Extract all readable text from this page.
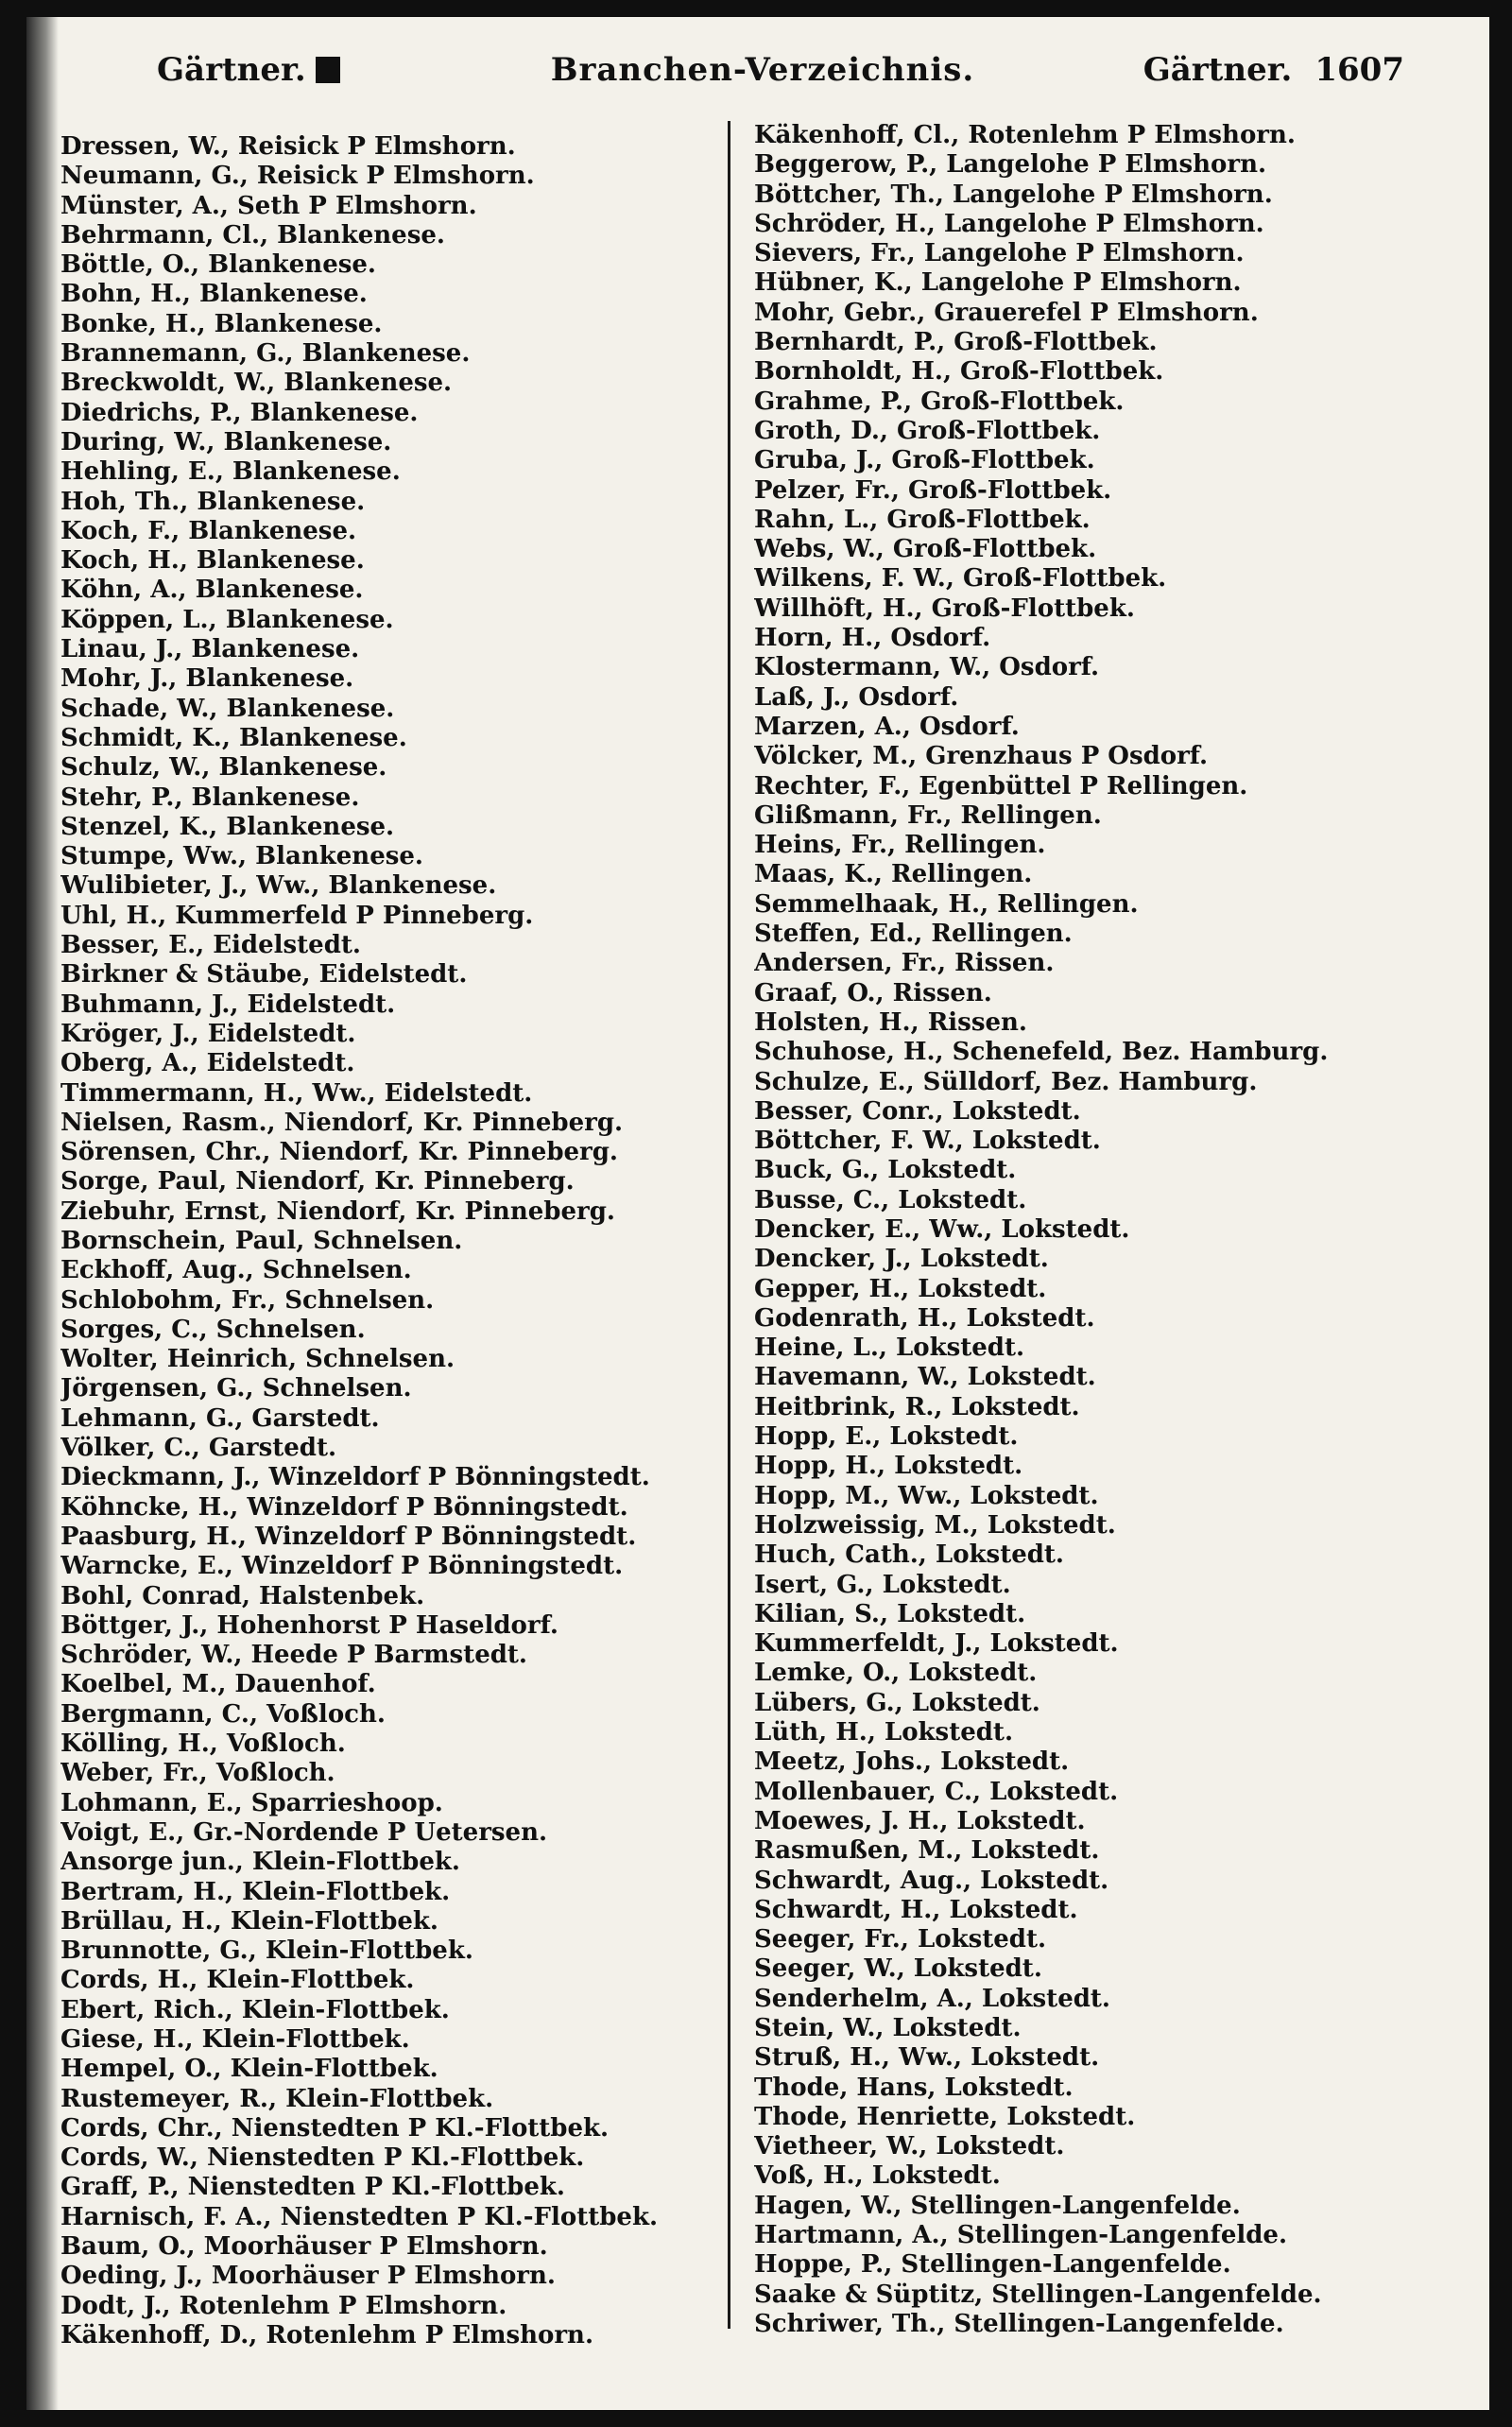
Gärtner.	Branchen-Verzeichnis.	Gärtner. 1607
Dressen, W., Reisick P Elmshorn.
Neumann, G., Reisick P Elmshorn.
Münster, A., Seth P Elmshorn.
Behrmann, Cl., Blankenese.
Böttle, O., Blankenese.
Bohn, H., Blankenese.
Bonke, H., Blankenese.
Brannemann, G., Blankenese.
Breckwoldt, W., Blankenese.
Diedrichs, P., Blankenese.
During, W., Blankenese.
Hehling, E., Blankenese.
Hoh, Th., Blankenese.
Koch, F., Blankenese.
Koch, H., Blankenese.
Köhn, A., Blankenese.
Köppen, L., Blankenese.
Linau, J., Blankenese.
Mohr, J., Blankenese.
Schade, W., Blankenese.
Schmidt, K., Blankenese.
Schulz, W., Blankenese.
Stehr, P., Blankenese.
Stenzel, K., Blankenese.
Stumpe, Ww., Blankenese.
Wulibieter, J., Ww., Blankenese.
Uhl, H., Kummerfeld P Pinneberg.
Besser, E., Eidelstedt.
Birkner & Stäube, Eidelstedt.
Buhmann, J., Eidelstedt.
Kröger, J., Eidelstedt.
Oberg, A., Eidelstedt.
Timmermann, H., Ww., Eidelstedt.
Nielsen, Rasm., Niendorf, Kr. Pinneberg.
Sörensen, Chr., Niendorf, Kr. Pinneberg.
Sorge, Paul, Niendorf, Kr. Pinneberg.
Ziebuhr, Ernst, Niendorf, Kr. Pinneberg.
Bornschein, Paul, Schnelsen.
Eckhoff, Aug., Schnelsen.
Schlobohm, Fr., Schnelsen.
Sorges, C., Schnelsen.
Wolter, Heinrich, Schnelsen.
Jörgensen, G., Schnelsen.
Lehmann, G., Garstedt.
Völker, C., Garstedt.
Dieckmann, J., Winzeldorf P Bönningstedt.
Köhncke, H., Winzeldorf P Bönningstedt.
Paasburg, H., Winzeldorf P Bönningstedt.
Warncke, E., Winzeldorf P Bönningstedt.
Bohl, Conrad, Halstenbek.
Böttger, J., Hohenhorst P Haseldorf.
Schröder, W., Heede P Barmstedt.
Koelbel, M., Dauenhof.
Bergmann, C., Voßloch.
Kölling, H., Voßloch.
Weber, Fr., Voßloch.
Lohmann, E., Sparrieshoop.
Voigt, E., Gr.-Nordende P Uetersen.
Ansorge jun., Klein-Flottbek.
Bertram, H., Klein-Flottbek.
Brüllau, H., Klein-Flottbek.
Brunnotte, G., Klein-Flottbek.
Cords, H., Klein-Flottbek.
Ebert, Rich., Klein-Flottbek.
Giese, H., Klein-Flottbek.
Hempel, O., Klein-Flottbek.
Rustemeyer, R., Klein-Flottbek.
Cords, Chr., Nienstedten P Kl.-Flottbek.
Cords, W., Nienstedten P Kl.-Flottbek.
Graff, P., Nienstedten P Kl.-Flottbek.
Harnisch, F. A., Nienstedten P Kl.-Flottbek.
Baum, O., Moorhäuser P Elmshorn.
Oeding, J., Moorhäuser P Elmshorn.
Dodt, J., Rotenlehm P Elmshorn.
Käkenhoff, D., Rotenlehm P Elmshorn.
Käkenhoff, Cl., Rotenlehm P Elmshorn.
Beggerow, P., Langelohe P Elmshorn.
Böttcher, Th., Langelohe P Elmshorn.
Schröder, H., Langelohe P Elmshorn.
Sievers, Fr., Langelohe P Elmshorn.
Hübner, K., Langelohe P Elmshorn.
Mohr, Gebr., Grauerefel P Elmshorn.
Bernhardt, P., Groß-Flottbek.
Bornholdt, H., Groß-Flottbek.
Grahme, P., Groß-Flottbek.
Groth, D., Groß-Flottbek.
Gruba, J., Groß-Flottbek.
Pelzer, Fr., Groß-Flottbek.
Rahn, L., Groß-Flottbek.
Webs, W., Groß-Flottbek.
Wilkens, F. W., Groß-Flottbek.
Willhöft, H., Groß-Flottbek.
Horn, H., Osdorf.
Klostermann, W., Osdorf.
Laß, J., Osdorf.
Marzen, A., Osdorf.
Völcker, M., Grenzhaus P Osdorf.
Rechter, F., Egenbüttel P Rellingen.
Glißmann, Fr., Rellingen.
Heins, Fr., Rellingen.
Maas, K., Rellingen.
Semmelhaak, H., Rellingen.
Steffen, Ed., Rellingen.
Andersen, Fr., Rissen.
Graaf, O., Rissen.
Holsten, H., Rissen.
Schuhose, H., Schenefeld, Bez. Hamburg.
Schulze, E., Sülldorf, Bez. Hamburg.
Besser, Conr., Lokstedt.
Böttcher, F. W., Lokstedt.
Buck, G., Lokstedt.
Busse, C., Lokstedt.
Dencker, E., Ww., Lokstedt.
Dencker, J., Lokstedt.
Gepper, H., Lokstedt.
Godenrath, H., Lokstedt.
Heine, L., Lokstedt.
Havemann, W., Lokstedt.
Heitbrink, R., Lokstedt.
Hopp, E., Lokstedt.
Hopp, H., Lokstedt.
Hopp, M., Ww., Lokstedt.
Holzweissig, M., Lokstedt.
Huch, Cath., Lokstedt.
Isert, G., Lokstedt.
Kilian, S., Lokstedt.
Kummerfeldt, J., Lokstedt.
Lemke, O., Lokstedt.
Lübers, G., Lokstedt.
Lüth, H., Lokstedt.
Meetz, Johs., Lokstedt.
Mollenbauer, C., Lokstedt.
Moewes, J. H., Lokstedt.
Rasmußen, M., Lokstedt.
Schwardt, Aug., Lokstedt.
Schwardt, H., Lokstedt.
Seeger, Fr., Lokstedt.
Seeger, W., Lokstedt.
Senderhelm, A., Lokstedt.
Stein, W., Lokstedt.
Struß, H., Ww., Lokstedt.
Thode, Hans, Lokstedt.
Thode, Henriette, Lokstedt.
Vietheer, W., Lokstedt.
Voß, H., Lokstedt.
Hagen, W., Stellingen-Langenfelde.
Hartmann, A., Stellingen-Langenfelde.
Hoppe, P., Stellingen-Langenfelde.
Saake & Süptitz, Stellingen-Langenfelde.
Schriwer, Th., Stellingen-Langenfelde.
